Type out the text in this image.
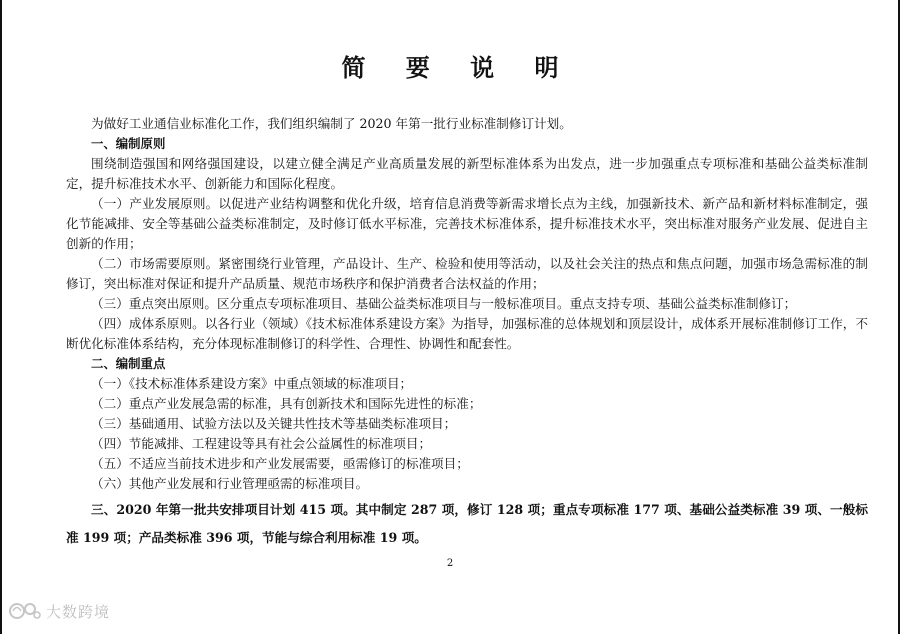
简 要 说 明

为做好工业通信业标准化工作，我们组织编制了 2020 年第一批行业标准制修订计划。

一、编制原则

围绕制造强国和网络强国建设，以建立健全满足产业高质量发展的新型标准体系为出发点，进一步加强重点专项标准和基础公益类标准制定，提升标准技术水平、创新能力和国际化程度。

（一）产业发展原则。以促进产业结构调整和优化升级，培育信息消费等新需求增长点为主线，加强新技术、新产品和新材料标准制定，强化节能减排、安全等基础公益类标准制定，及时修订低水平标准，完善技术标准体系，提升标准技术水平，突出标准对服务产业发展、促进自主创新的作用；

（二）市场需要原则。紧密围绕行业管理，产品设计、生产、检验和使用等活动，以及社会关注的热点和焦点问题，加强市场急需标准的制修订，突出标准对保证和提升产品质量、规范市场秩序和保护消费者合法权益的作用；

（三）重点突出原则。区分重点专项标准项目、基础公益类标准项目与一般标准项目。重点支持专项、基础公益类标准制修订；

（四）成体系原则。以各行业（领域）《技术标准体系建设方案》为指导，加强标准的总体规划和顶层设计，成体系开展标准制修订工作，不断优化标准体系结构，充分体现标准制修订的科学性、合理性、协调性和配套性。

二、编制重点

（一）《技术标准体系建设方案》中重点领域的标准项目；

（二）重点产业发展急需的标准，具有创新技术和国际先进性的标准；

（三）基础通用、试验方法以及关键共性技术等基础类标准项目；

（四）节能减排、工程建设等具有社会公益属性的标准项目；

（五）不适应当前技术进步和产业发展需要，亟需修订的标准项目；

（六）其他产业发展和行业管理亟需的标准项目。

三、2020 年第一批共安排项目计划 415 项。其中制定 287 项，修订 128 项；重点专项标准 177 项、基础公益类标准 39 项、一般标准 199 项；产品类标准 396 项，节能与综合利用标准 19 项。

2
大数跨境
